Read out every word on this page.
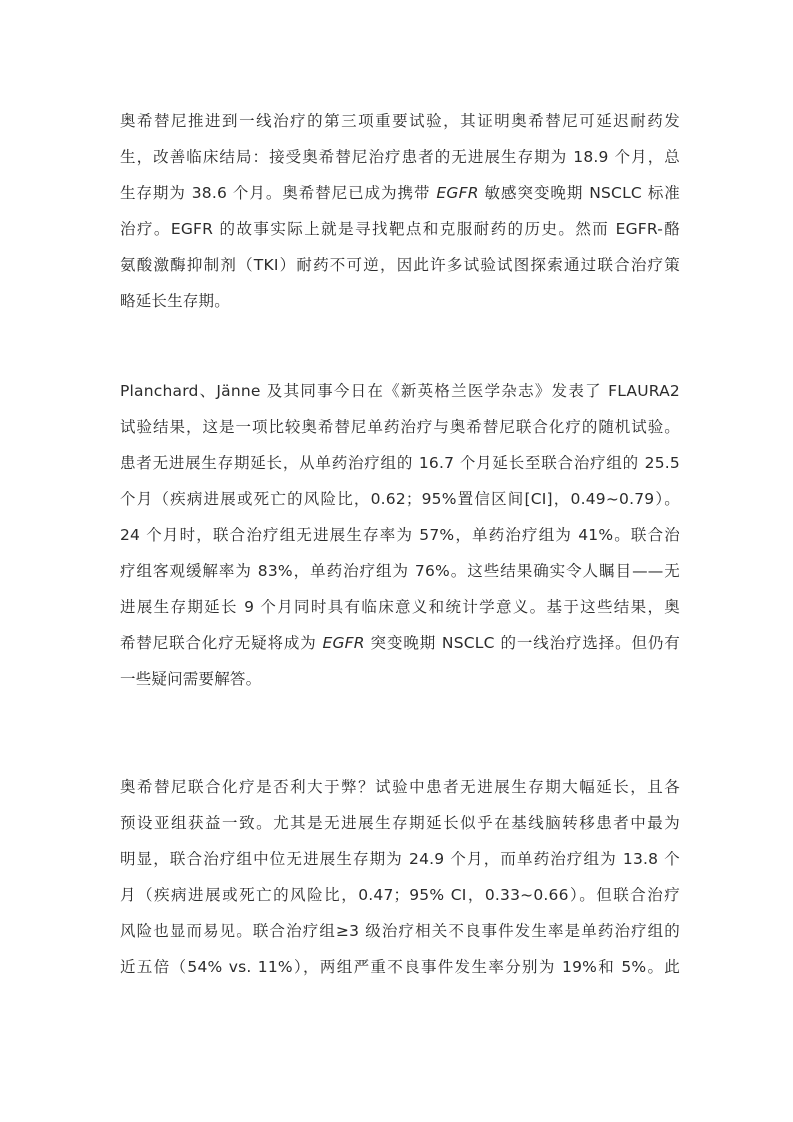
奥希替尼推进到一线治疗的第三项重要试验，其证明奥希替尼可延迟耐药发
生，改善临床结局：接受奥希替尼治疗患者的无进展生存期为 18.9 个月，总
生存期为 38.6 个月。奥希替尼已成为携带 EGFR 敏感突变晚期 NSCLC 标准
治疗。EGFR 的故事实际上就是寻找靶点和克服耐药的历史。然而 EGFR-酪
氨酸激酶抑制剂（TKI）耐药不可逆，因此许多试验试图探索通过联合治疗策
略延长生存期。
Planchard、Jänne 及其同事今日在《新英格兰医学杂志》发表了 FLAURA2
试验结果，这是一项比较奥希替尼单药治疗与奥希替尼联合化疗的随机试验。
患者无进展生存期延长，从单药治疗组的 16.7 个月延长至联合治疗组的 25.5
个月（疾病进展或死亡的风险比，0.62；95%置信区间[CI]，0.49~0.79）。
24 个月时，联合治疗组无进展生存率为 57%，单药治疗组为 41%。联合治
疗组客观缓解率为 83%，单药治疗组为 76%。这些结果确实令人瞩目——无
进展生存期延长 9 个月同时具有临床意义和统计学意义。基于这些结果，奥
希替尼联合化疗无疑将成为 EGFR 突变晚期 NSCLC 的一线治疗选择。但仍有
一些疑问需要解答。
奥希替尼联合化疗是否利大于弊？试验中患者无进展生存期大幅延长，且各
预设亚组获益一致。尤其是无进展生存期延长似乎在基线脑转移患者中最为
明显，联合治疗组中位无进展生存期为 24.9 个月，而单药治疗组为 13.8 个
月（疾病进展或死亡的风险比，0.47；95% CI，0.33~0.66）。但联合治疗
风险也显而易见。联合治疗组≥3 级治疗相关不良事件发生率是单药治疗组的
近五倍（54% vs. 11%），两组严重不良事件发生率分别为 19%和 5%。此
